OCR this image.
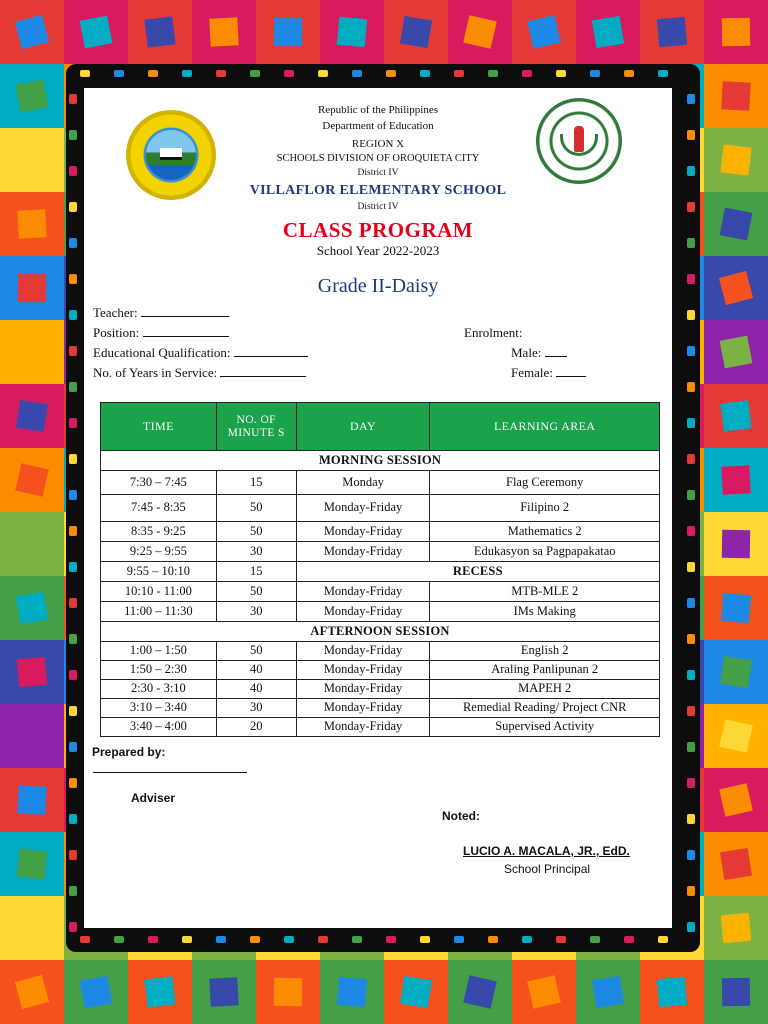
Republic of the Philippines
Department of Education
REGION X
SCHOOLS DIVISION OF OROQUIETA CITY
District IV
VILLAFLOR ELEMENTARY SCHOOL
District IV
CLASS PROGRAM
School Year 2022-2023
Grade II-Daisy
Teacher:
Position:
Educational Qualification:
No. of Years in Service:
Enrolment:
Male:
Female:
TIME	NO. OF MINUTE S	DAY	LEARNING AREA
MORNING SESSION			
7:30 – 7:45	15	Monday	Flag Ceremony
7:45 - 8:35	50	Monday-Friday	Filipino 2
8:35 - 9:25	50	Monday-Friday	Mathematics 2
9:25 – 9:55	30	Monday-Friday	Edukasyon sa Pagpapakatao
9:55 – 10:10	15	RECESS	
10:10 - 11:00	50	Monday-Friday	MTB-MLE 2
11:00 – 11:30	30	Monday-Friday	IMs Making
AFTERNOON SESSION			
1:00 – 1:50	50	Monday-Friday	English 2
1:50 – 2:30	40	Monday-Friday	Araling Panlipunan 2
2:30 - 3:10	40	Monday-Friday	MAPEH 2
3:10 – 3:40	30	Monday-Friday	Remedial Reading/ Project CNR
3:40 – 4:00	20	Monday-Friday	Supervised Activity
Prepared by:
Adviser
Noted:
LUCIO A. MACALA, JR., EdD.
School Principal
